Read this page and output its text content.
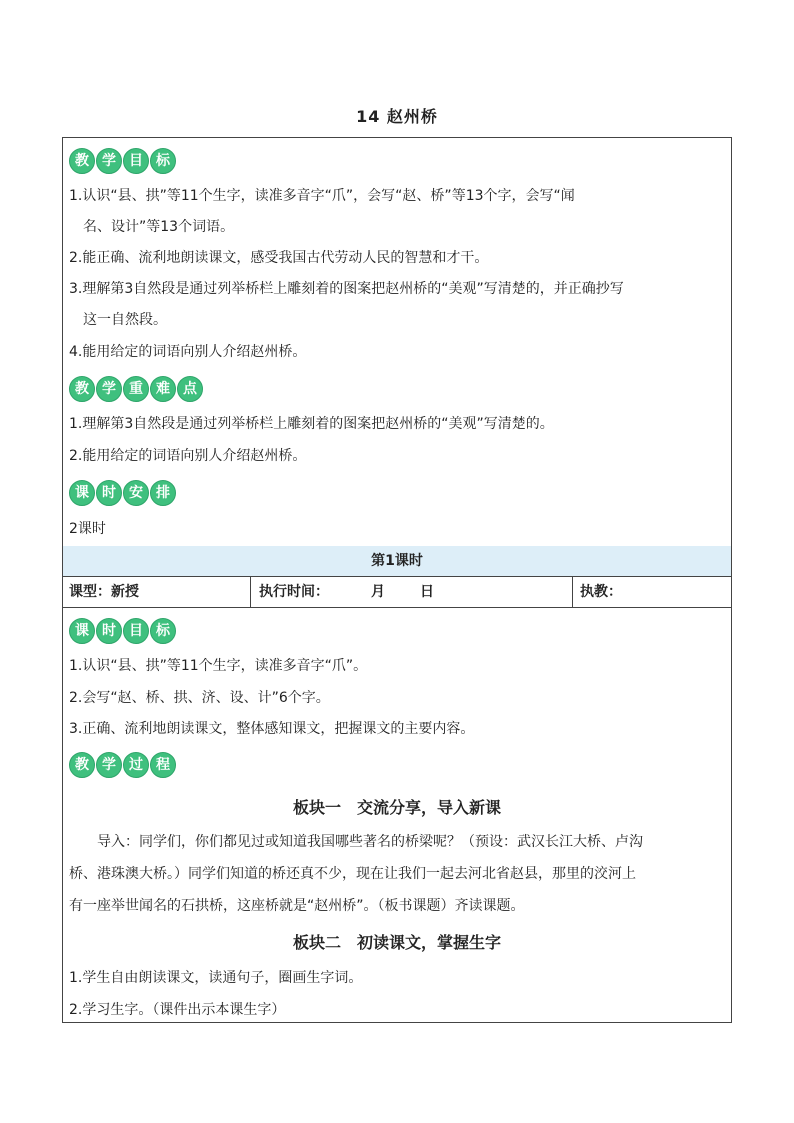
14 赵州桥
教 学 目 标
1.认识“县、拱”等11个生字，读准多音字“爪”，会写“赵、桥”等13个字，会写“闻
名、设计”等13个词语。
2.能正确、流利地朗读课文，感受我国古代劳动人民的智慧和才干。
3.理解第3自然段是通过列举桥栏上雕刻着的图案把赵州桥的“美观”写清楚的，并正确抄写
这一自然段。
4.能用给定的词语向别人介绍赵州桥。
教 学 重 难 点
1.理解第3自然段是通过列举桥栏上雕刻着的图案把赵州桥的“美观”写清楚的。
2.能用给定的词语向别人介绍赵州桥。
课 时 安 排
2课时
第1课时
课型：新授	执行时间：	月	日	执教：
课 时 目 标
1.认识“县、拱”等11个生字，读准多音字“爪”。
2.会写“赵、桥、拱、济、设、计”6个字。
3.正确、流利地朗读课文，整体感知课文，把握课文的主要内容。
教 学 过 程
板块一　交流分享，导入新课

　　导入：同学们，你们都见过或知道我国哪些著名的桥梁呢？（预设：武汉长江大桥、卢沟

桥、港珠澳大桥。）同学们知道的桥还真不少，现在让我们一起去河北省赵县，那里的洨河上

有一座举世闻名的石拱桥，这座桥就是“赵州桥”。（板书课题）齐读课题。

板块二　初读课文，掌握生字
1.学生自由朗读课文，读通句子，圈画生字词。
2.学习生字。（课件出示本课生字）
